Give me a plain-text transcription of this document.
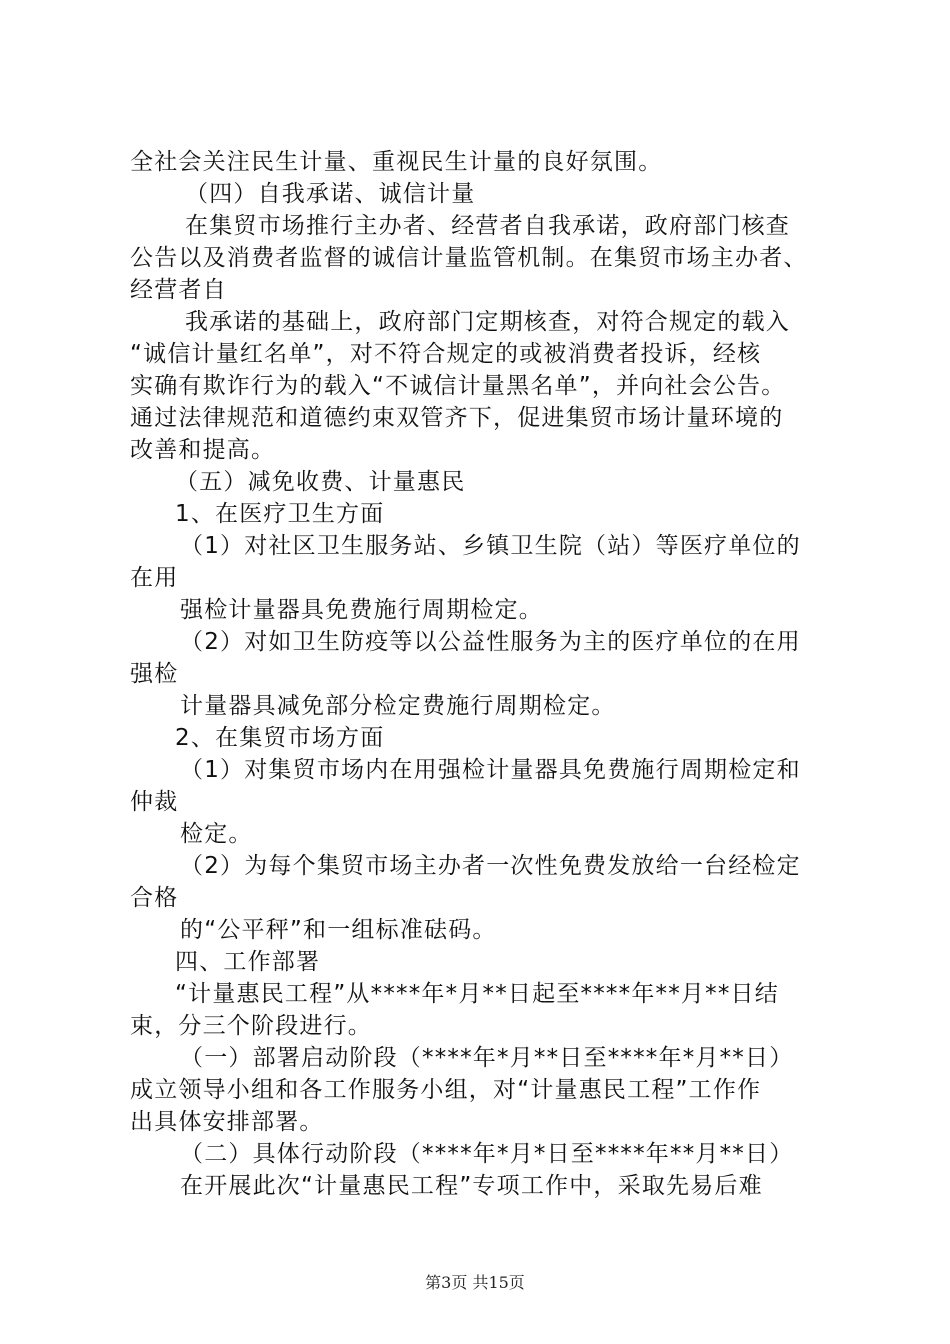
全社会关注民生计量、重视民生计量的良好氛围。
（四）自我承诺、诚信计量
在集贸市场推行主办者、经营者自我承诺，政府部门核查
公告以及消费者监督的诚信计量监管机制。在集贸市场主办者、
经营者自
我承诺的基础上，政府部门定期核查，对符合规定的载入
“诚信计量红名单”，对不符合规定的或被消费者投诉，经核
实确有欺诈行为的载入“不诚信计量黑名单”，并向社会公告。
通过法律规范和道德约束双管齐下，促进集贸市场计量环境的
改善和提高。
（五）减免收费、计量惠民
1、在医疗卫生方面
（1）对社区卫生服务站、乡镇卫生院（站）等医疗单位的
在用
强检计量器具免费施行周期检定。
（2）对如卫生防疫等以公益性服务为主的医疗单位的在用
强检
计量器具减免部分检定费施行周期检定。
2、在集贸市场方面
（1）对集贸市场内在用强检计量器具免费施行周期检定和
仲裁
检定。
（2）为每个集贸市场主办者一次性免费发放给一台经检定
合格
的“公平秤”和一组标准砝码。
四、工作部署
“计量惠民工程”从****年*月**日起至****年**月**日结
束，分三个阶段进行。
（一）部署启动阶段（****年*月**日至****年*月**日）
成立领导小组和各工作服务小组，对“计量惠民工程”工作作
出具体安排部署。
（二）具体行动阶段（****年*月*日至****年**月**日）
在开展此次“计量惠民工程”专项工作中，采取先易后难
第3页 共15页
